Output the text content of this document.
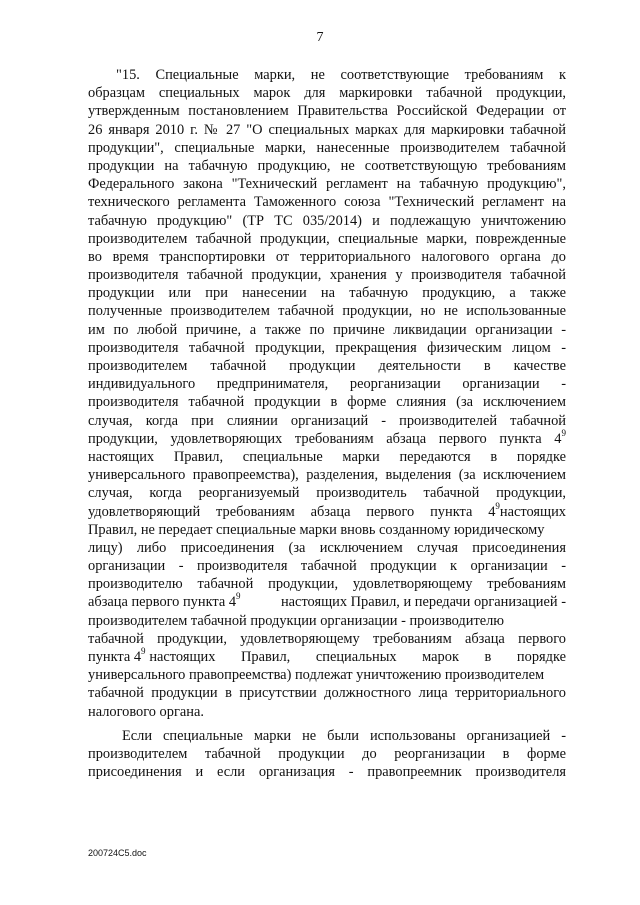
7
"15. Специальные марки, не соответствующие требованиям к
образцам специальных марок для маркировки табачной продукции,
утвержденным постановлением Правительства Российской Федерации от
26 января 2010 г. № 27 "О специальных марках для маркировки табачной
продукции", специальные марки, нанесенные производителем табачной
продукции на табачную продукцию, не соответствующую требованиям
Федерального закона "Технический регламент на табачную продукцию",
технического регламента Таможенного союза "Технический регламент на
табачную продукцию" (ТР ТС 035/2014) и подлежащую уничтожению
производителем табачной продукции, специальные марки, поврежденные
во время транспортировки от территориального налогового органа до
производителя табачной продукции, хранения у производителя табачной
продукции или при нанесении на табачную продукцию, а также
полученные производителем табачной продукции, но не использованные
им по любой причине, а также по причине ликвидации организации -
производителя табачной продукции, прекращения физическим лицом -
производителем табачной продукции деятельности в качестве
индивидуального предпринимателя, реорганизации организации -
производителя табачной продукции в форме слияния (за исключением
случая, когда при слиянии организаций - производителей табачной
продукции, удовлетворяющих требованиям абзаца первого пункта $4^9$
настоящих Правил, специальные марки передаются в порядке
универсального правопреемства), разделения, выделения (за исключением
случая, когда реорганизуемый производитель табачной продукции,
удовлетворяющий требованиям абзаца первого пункта $4^9$ настоящих
Правил, не передает специальные марки вновь созданному юридическому
лицу) либо присоединения (за исключением случая присоединения
организации - производителя табачной продукции к организации -
производителю табачной продукции, удовлетворяющему требованиям
абзаца первого пункта $4^9$	настоящих Правил, и передачи организацией -
производителем табачной продукции организации - производителю
табачной продукции, удовлетворяющему требованиям абзаца первого
пункта $4^9$ настоящих Правил, специальных марок в порядке
универсального правопреемства) подлежат уничтожению производителем
табачной продукции в присутствии должностного лица территориального
налогового органа.
Если специальные марки не были использованы организацией -
производителем табачной продукции до реорганизации в форме
присоединения и если организация - правопреемник производителя
200724С5.doc
